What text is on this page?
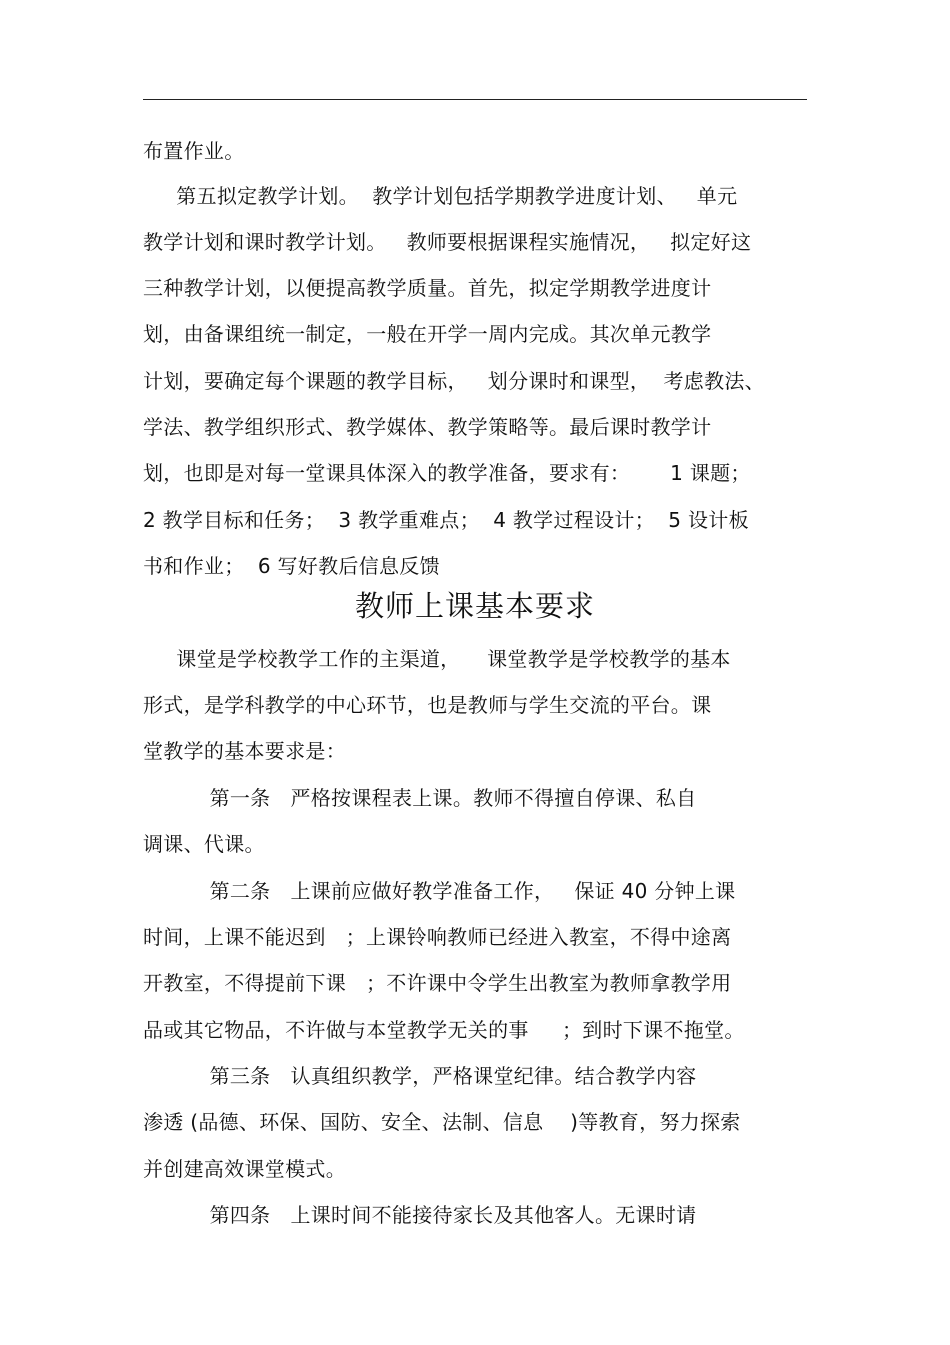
布置作业。
第五拟定教学计划。  教学计划包括学期教学进度计划、   单元
教学计划和课时教学计划。   教师要根据课程实施情况，   拟定好这
三种教学计划，以便提高教学质量。首先，拟定学期教学进度计
划，由备课组统一制定，一般在开学一周内完成。其次单元教学
计划，要确定每个课题的教学目标，   划分课时和课型，  考虑教法、
学法、教学组织形式、教学媒体、教学策略等。最后课时教学计
划，也即是对每一堂课具体深入的教学准备，要求有：      1 课题；
2 教学目标和任务；  3 教学重难点；  4 教学过程设计；  5 设计板
书和作业；  6 写好教后信息反馈
教师上课基本要求
课堂是学校教学工作的主渠道，    课堂教学是学校教学的基本
形式，是学科教学的中心环节，也是教师与学生交流的平台。课
堂教学的基本要求是：
第一条   严格按课程表上课。教师不得擅自停课、私自
调课、代课。
第二条   上课前应做好教学准备工作，   保证 40 分钟上课
时间，上课不能迟到   ；上课铃响教师已经进入教室，不得中途离
开教室，不得提前下课   ；不许课中令学生出教室为教师拿教学用
品或其它物品，不许做与本堂教学无关的事     ；到时下课不拖堂。
第三条   认真组织教学，严格课堂纪律。结合教学内容
渗透 (品德、环保、国防、安全、法制、信息    )等教育，努力探索
并创建高效课堂模式。
第四条   上课时间不能接待家长及其他客人。无课时请
